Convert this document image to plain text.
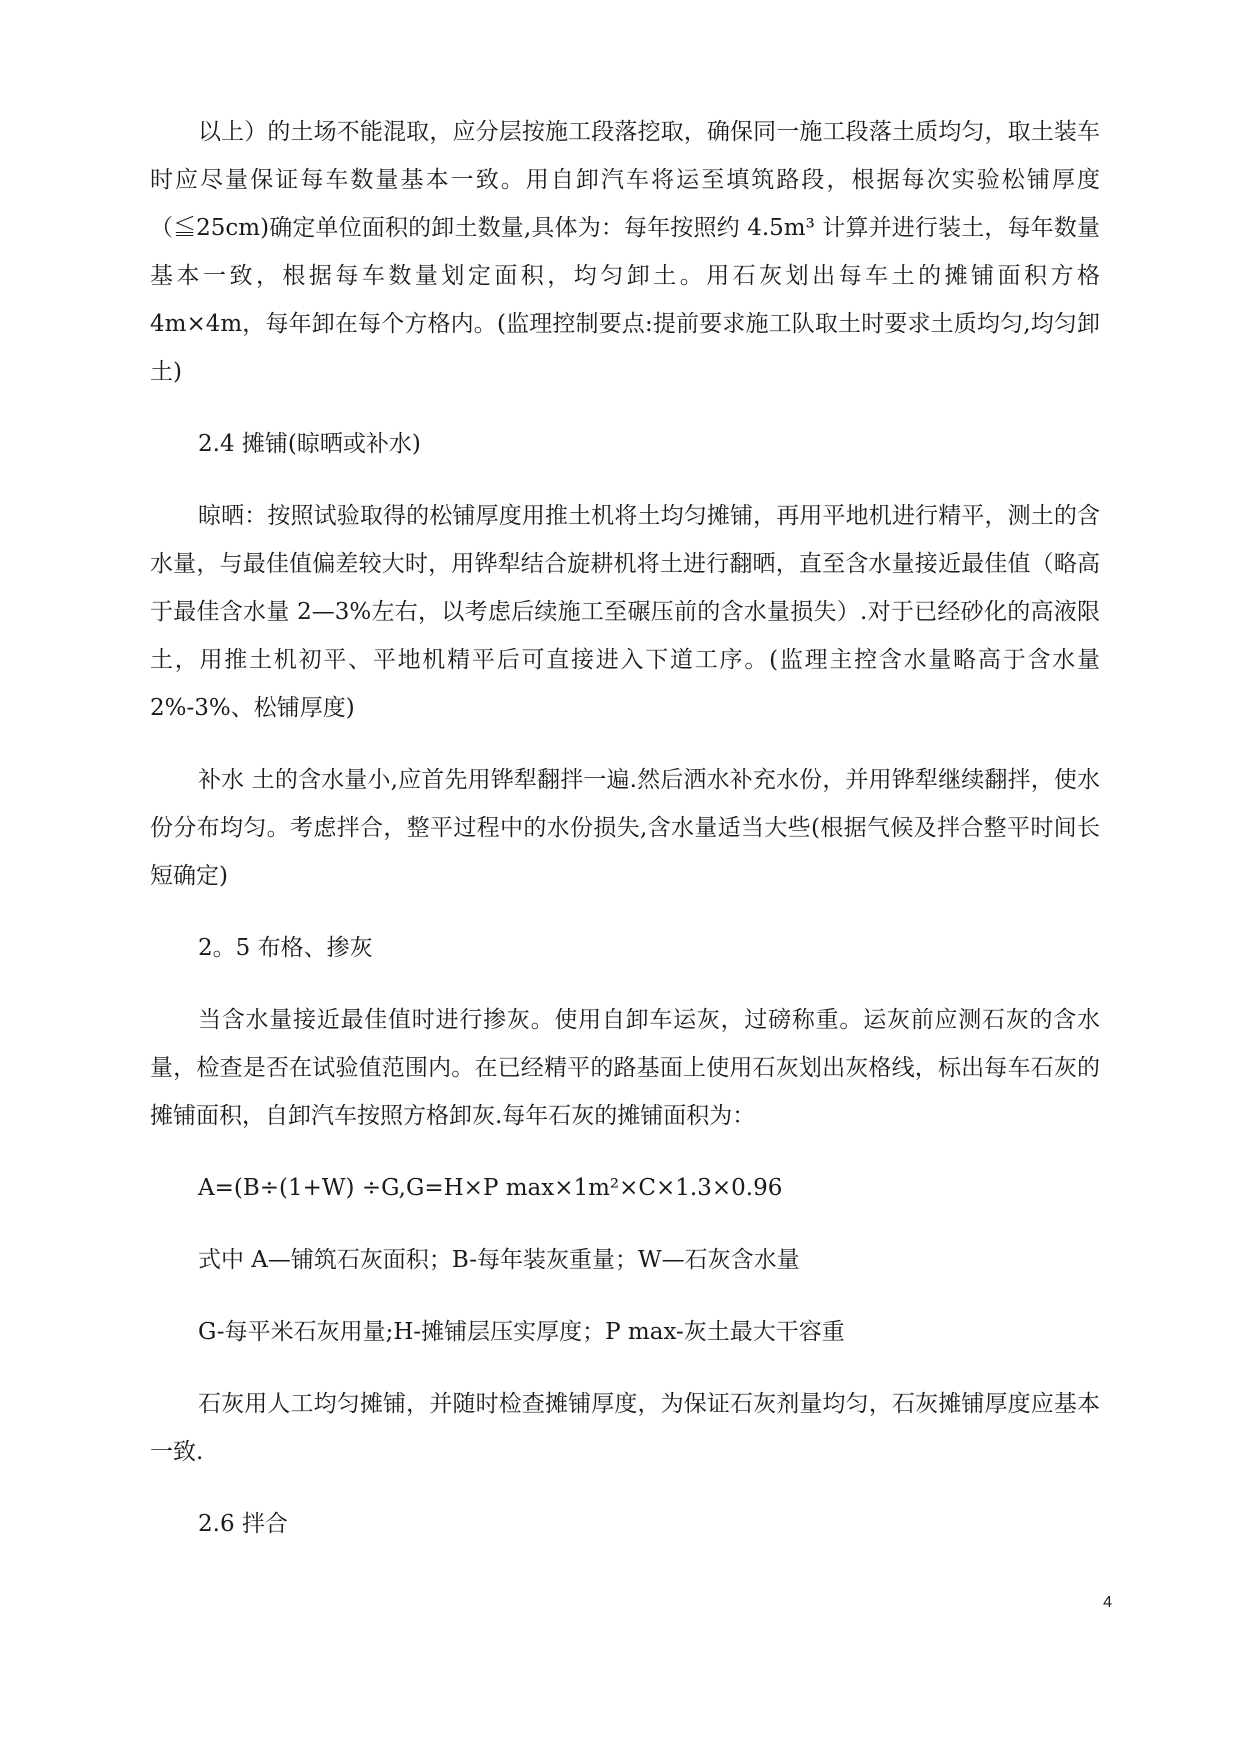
以上）的土场不能混取，应分层按施工段落挖取，确保同一施工段落土质均匀，取土装车时应尽量保证每车数量基本一致。用自卸汽车将运至填筑路段，根据每次实验松铺厚度（≦25cm)确定单位面积的卸土数量,具体为：每年按照约 4.5m³ 计算并进行装土，每年数量基本一致，根据每车数量划定面积，均匀卸土。用石灰划出每车土的摊铺面积方格 4m×4m，每年卸在每个方格内。(监理控制要点:提前要求施工队取土时要求土质均匀,均匀卸土)

2.4 摊铺(晾晒或补水)

晾晒：按照试验取得的松铺厚度用推土机将土均匀摊铺，再用平地机进行精平，测土的含水量，与最佳值偏差较大时，用铧犁结合旋耕机将土进行翻晒，直至含水量接近最佳值（略高于最佳含水量 2—3%左右，以考虑后续施工至碾压前的含水量损失）.对于已经砂化的高液限土，用推土机初平、平地机精平后可直接进入下道工序。(监理主控含水量略高于含水量 2%-3%、松铺厚度)

补水 土的含水量小,应首先用铧犁翻拌一遍.然后洒水补充水份，并用铧犁继续翻拌，使水份分布均匀。考虑拌合，整平过程中的水份损失,含水量适当大些(根据气候及拌合整平时间长短确定)

2。5 布格、掺灰

当含水量接近最佳值时进行掺灰。使用自卸车运灰，过磅称重。运灰前应测石灰的含水量，检查是否在试验值范围内。在已经精平的路基面上使用石灰划出灰格线，标出每车石灰的摊铺面积，自卸汽车按照方格卸灰.每年石灰的摊铺面积为：

A=(B÷(1+W) ÷G,G=H×P max×1m²×C×1.3×0.96

式中 A—铺筑石灰面积；B-每年装灰重量；W—石灰含水量

G-每平米石灰用量;H-摊铺层压实厚度；P max-灰土最大干容重

石灰用人工均匀摊铺，并随时检查摊铺厚度，为保证石灰剂量均匀，石灰摊铺厚度应基本一致.

2.6 拌合

4
